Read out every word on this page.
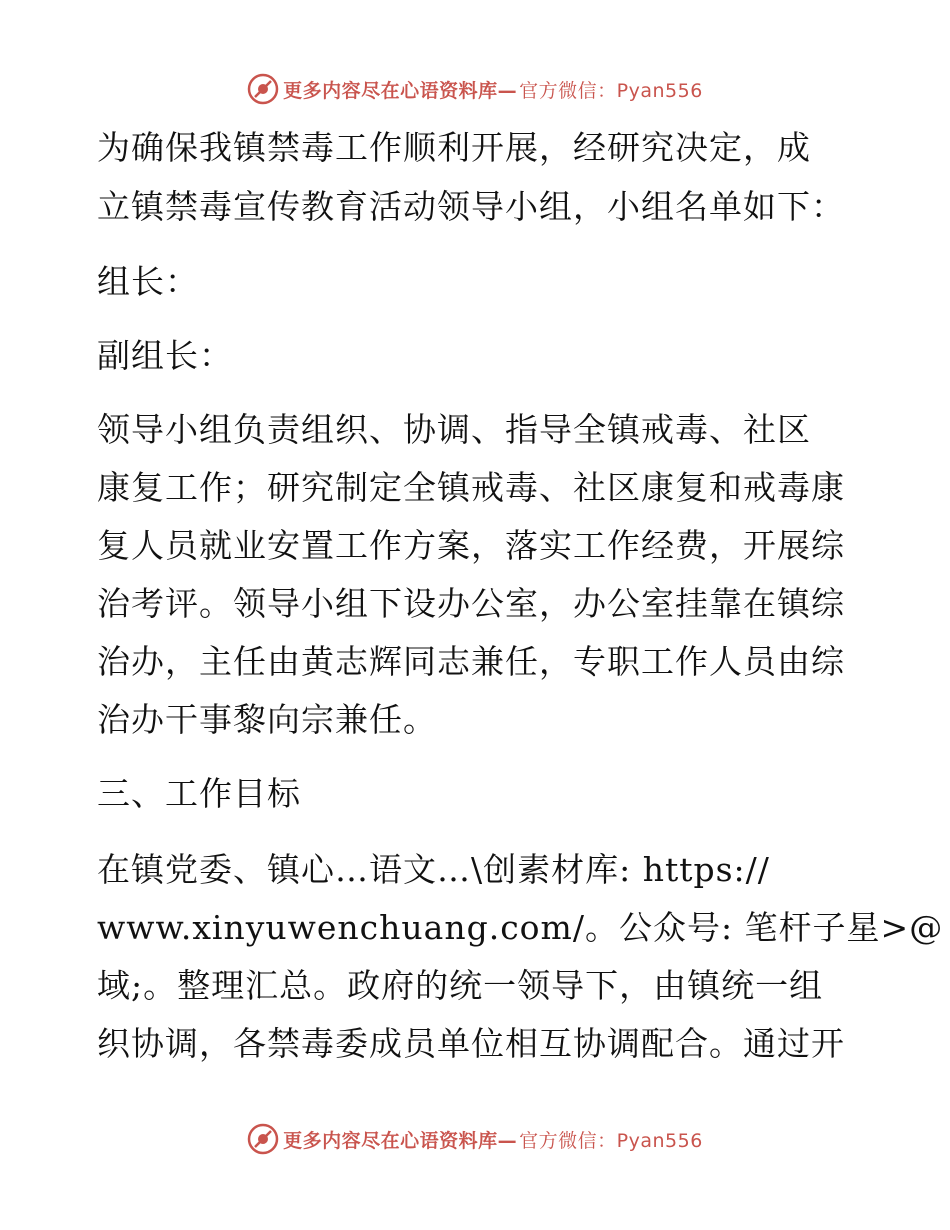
更多内容尽在心语资料库— 官方微信：Pyan556
为确保我镇禁毒工作顺利开展，经研究决定，成
立镇禁毒宣传教育活动领导小组，小组名单如下：
组长：
副组长：
领导小组负责组织、协调、指导全镇戒毒、社区
康复工作；研究制定全镇戒毒、社区康复和戒毒康
复人员就业安置工作方案，落实工作经费，开展综
治考评。领导小组下设办公室，办公室挂靠在镇综
治办，主任由黄志辉同志兼任，专职工作人员由综
治办干事黎向宗兼任。
三、工作目标
在镇党委、镇心…语文…\创素材库: https://
www.xinyuwenchuang.com/。公众号: 笔杆子星>@
域;。整理汇总。政府的统一领导下，由镇统一组
织协调，各禁毒委成员单位相互协调配合。通过开
更多内容尽在心语资料库— 官方微信：Pyan556
